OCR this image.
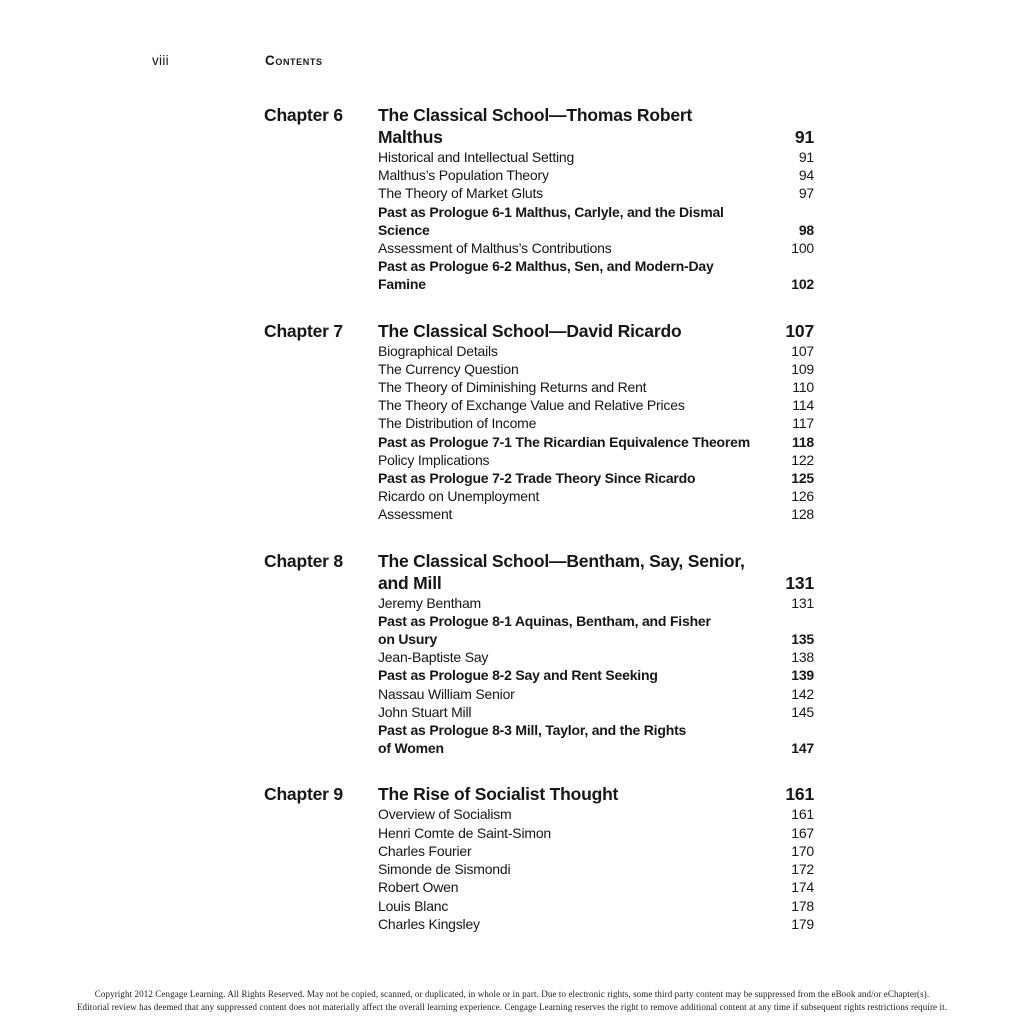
viii	Contents
Chapter 6	The Classical School—Thomas Robert
Malthus	91
Historical and Intellectual Setting	91
Malthus’s Population Theory	94
The Theory of Market Gluts	97
Past as Prologue 6-1 Malthus, Carlyle, and the Dismal
Science	98
Assessment of Malthus’s Contributions	100
Past as Prologue 6-2 Malthus, Sen, and Modern-Day
Famine	102
Chapter 7	The Classical School—David Ricardo	107
Biographical Details	107
The Currency Question	109
The Theory of Diminishing Returns and Rent	110
The Theory of Exchange Value and Relative Prices	114
The Distribution of Income	117
Past as Prologue 7-1 The Ricardian Equivalence Theorem	118
Policy Implications	122
Past as Prologue 7-2 Trade Theory Since Ricardo	125
Ricardo on Unemployment	126
Assessment	128
Chapter 8	The Classical School—Bentham, Say, Senior,
and Mill	131
Jeremy Bentham	131
Past as Prologue 8-1 Aquinas, Bentham, and Fisher
on Usury	135
Jean-Baptiste Say	138
Past as Prologue 8-2 Say and Rent Seeking	139
Nassau William Senior	142
John Stuart Mill	145
Past as Prologue 8-3 Mill, Taylor, and the Rights
of Women	147
Chapter 9	The Rise of Socialist Thought	161
Overview of Socialism	161
Henri Comte de Saint-Simon	167
Charles Fourier	170
Simonde de Sismondi	172
Robert Owen	174
Louis Blanc	178
Charles Kingsley	179
Copyright 2012 Cengage Learning. All Rights Reserved. May not be copied, scanned, or duplicated, in whole or in part. Due to electronic rights, some third party content may be suppressed from the eBook and/or eChapter(s).
Editorial review has deemed that any suppressed content does not materially affect the overall learning experience. Cengage Learning reserves the right to remove additional content at any time if subsequent rights restrictions require it.
